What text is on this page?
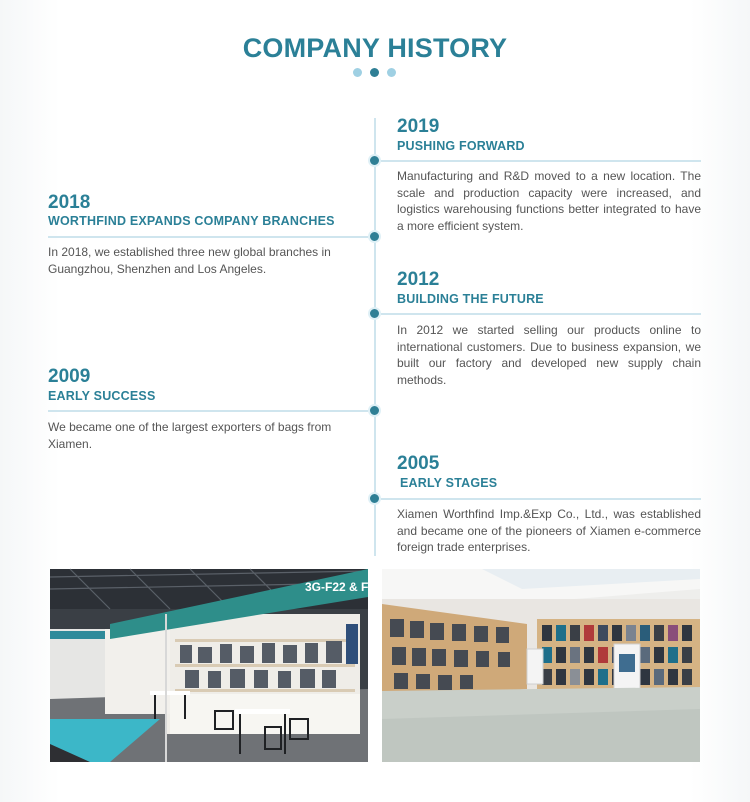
COMPANY HISTORY
2019
PUSHING FORWARD
Manufacturing and R&D moved to a new location. The scale and production capacity were increased, and logistics warehousing functions better integrated to have a more efficient system.
2018
WORTHFIND EXPANDS COMPANY BRANCHES
In 2018, we established three new global branches in Guangzhou, Shenzhen and Los Angeles.
2012
BUILDING THE FUTURE
In 2012 we started selling our products online to international customers. Due to business expansion, we built our factory and developed new supply chain methods.
2009
EARLY SUCCESS
We became one of the largest exporters of bags from Xiamen.
2005
EARLY STAGES
Xiamen Worthfind Imp.&Exp Co., Ltd., was established and became one of the pioneers of Xiamen e-commerce foreign trade enterprises.
3G-F22 & F24
